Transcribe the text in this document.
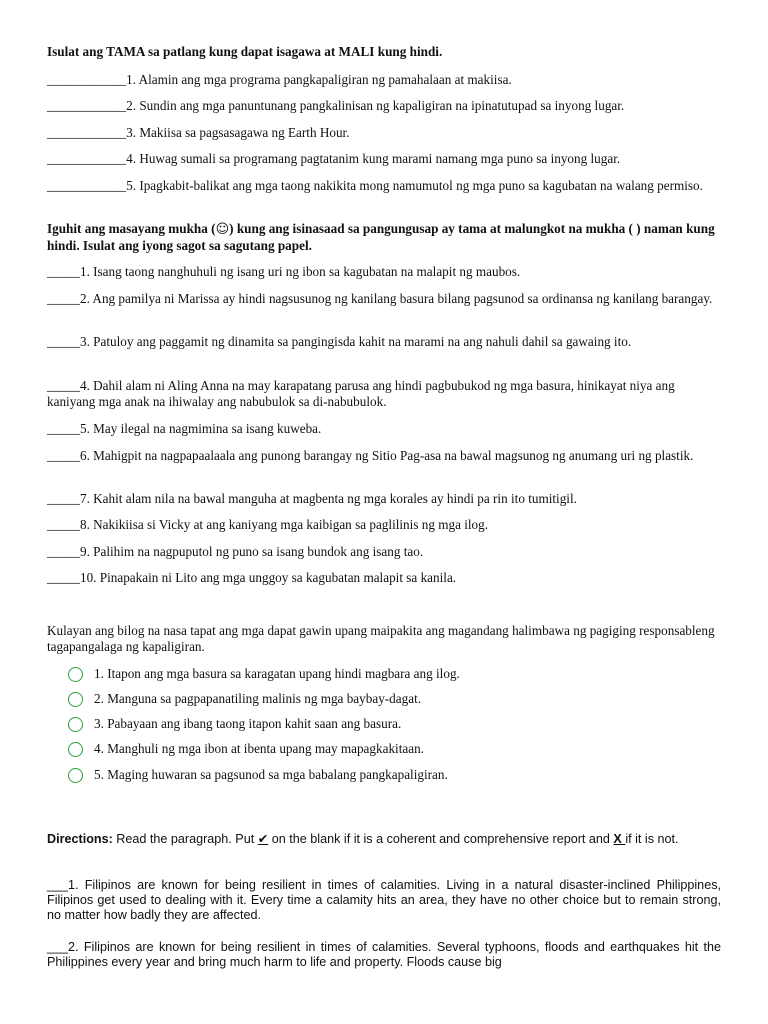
Isulat ang TAMA sa patlang kung dapat isagawa at MALI kung hindi.
____________1. Alamin ang mga programa pangkapaligiran ng pamahalaan at makiisa.
____________2. Sundin ang mga panuntunang pangkalinisan ng kapaligiran na ipinatutupad sa inyong lugar.
____________3. Makiisa sa pagsasagawa ng Earth Hour.
____________4. Huwag sumali sa programang pagtatanim kung marami namang mga puno sa inyong lugar.
____________5. Ipagkabit-balikat ang mga taong nakikita mong namumutol ng mga puno sa kagubatan na walang permiso.
Iguhit ang masayang mukha (☺) kung ang isinasaad sa pangungusap ay tama at malungkot na mukha ( ) naman kung hindi. Isulat ang iyong sagot sa sagutang papel.
_____1. Isang taong nanghuhuli ng isang uri ng ibon sa kagubatan na malapit ng maubos.
_____2. Ang pamilya ni Marissa ay hindi nagsusunog ng kanilang basura bilang pagsunod sa ordinansa ng kanilang barangay.
_____3. Patuloy ang paggamit ng dinamita sa pangingisda kahit na marami na ang nahuli dahil sa gawaing ito.
_____4. Dahil alam ni Aling Anna na may karapatang parusa ang hindi pagbubukod ng mga basura, hinikayat niya ang kaniyang mga anak na ihiwalay ang nabubulok sa di-nabubulok.
_____5. May ilegal na nagmimina sa isang kuweba.
_____6. Mahigpit na nagpapaalaala ang punong barangay ng Sitio Pag-asa na bawal magsunog ng anumang uri ng plastik.
_____7. Kahit alam nila na bawal manguha at magbenta ng mga korales ay hindi pa rin ito tumitigil.
_____8. Nakikiisa si Vicky at ang kaniyang mga kaibigan sa paglilinis ng mga ilog.
_____9. Palihim na nagpuputol ng puno sa isang bundok ang isang tao.
_____10. Pinapakain ni Lito ang mga unggoy sa kagubatan malapit sa kanila.
Kulayan ang bilog na nasa tapat ang mga dapat gawin upang maipakita ang magandang halimbawa ng pagiging responsableng tagapangalaga ng kapaligiran.
1. Itapon ang mga basura sa karagatan upang hindi magbara ang ilog.
2. Manguna sa pagpapanatiling malinis ng mga baybay-dagat.
3. Pabayaan ang ibang taong itapon kahit saan ang basura.
4. Manghuli ng mga ibon at ibenta upang may mapagkakitaan.
5. Maging huwaran sa pagsunod sa mga babalang pangkapaligiran.
Directions: Read the paragraph. Put ✔ on the blank if it is a coherent and comprehensive report and X if it is not.
___1. Filipinos are known for being resilient in times of calamities. Living in a natural disaster-inclined Philippines, Filipinos get used to dealing with it. Every time a calamity hits an area, they have no other choice but to remain strong, no matter how badly they are affected.
___2. Filipinos are known for being resilient in times of calamities. Several typhoons, floods and earthquakes hit the Philippines every year and bring much harm to life and property. Floods cause big
